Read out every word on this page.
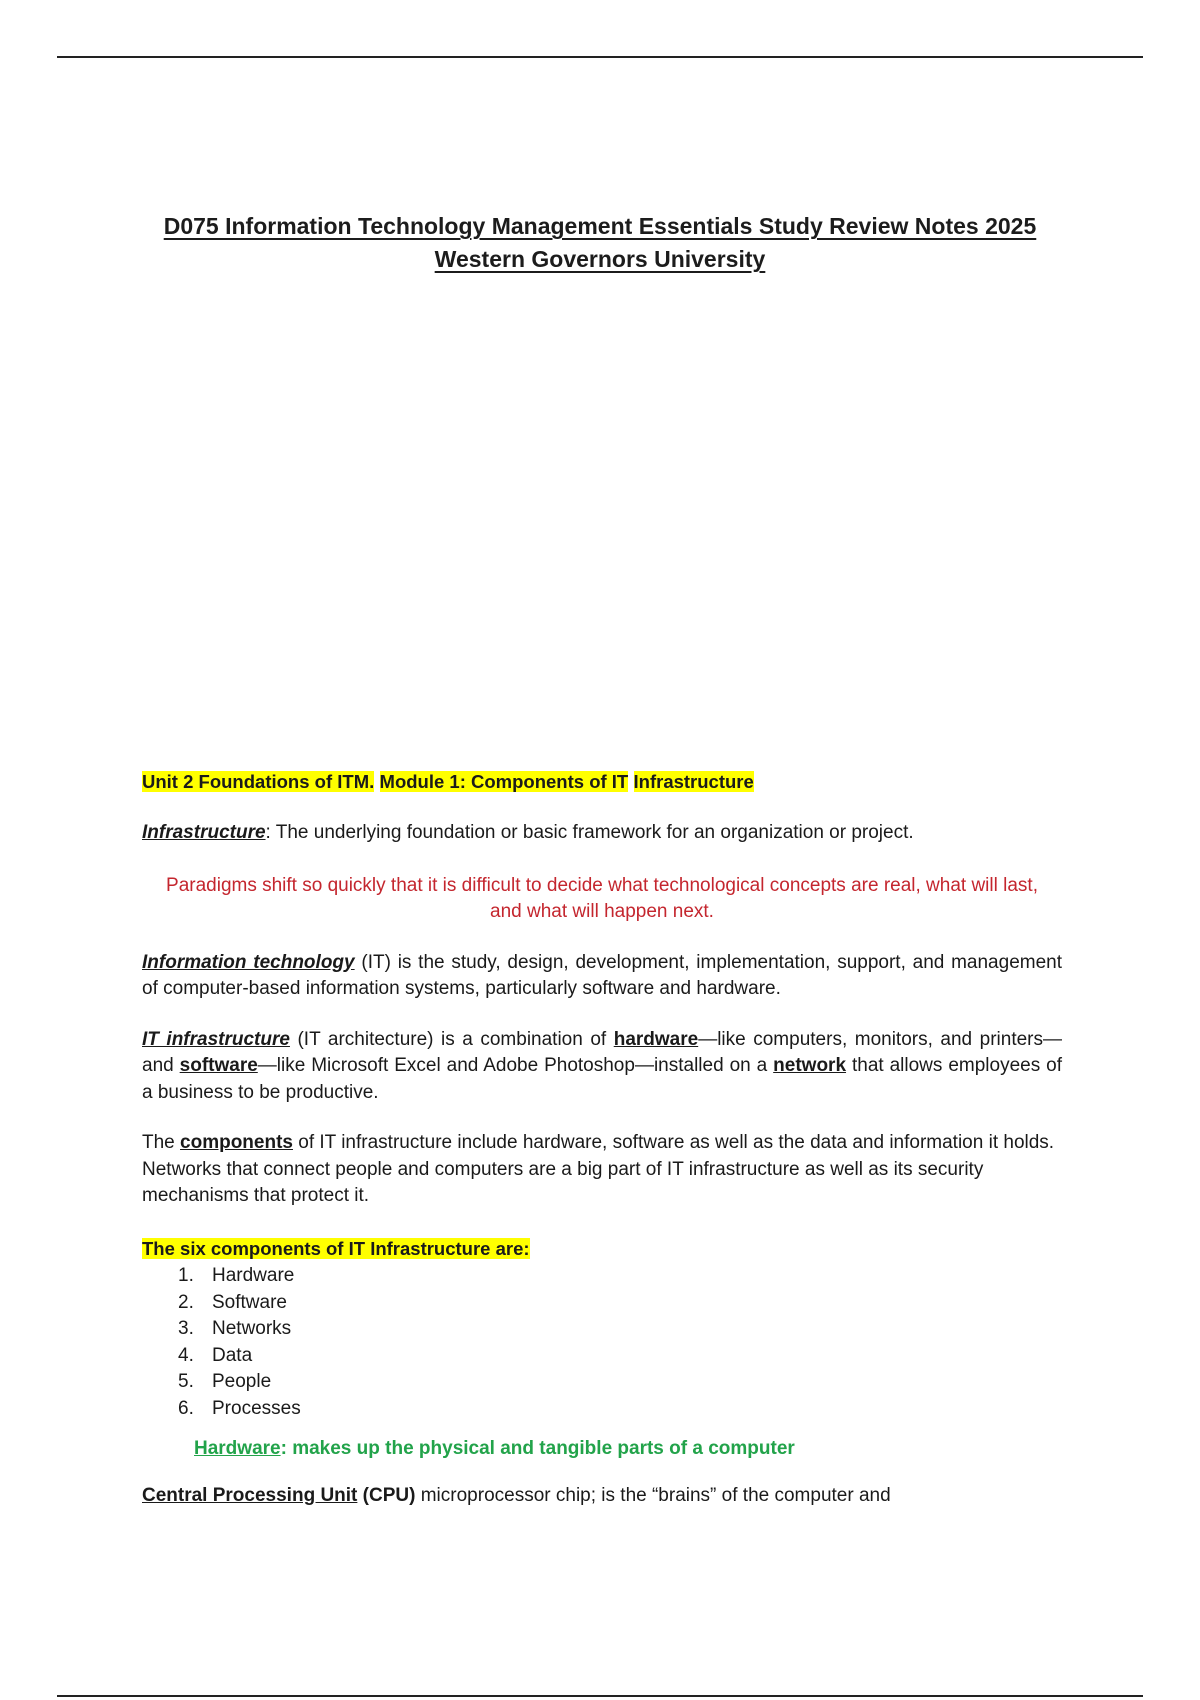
D075 Information Technology Management Essentials Study Review Notes 2025
Western Governors University

Unit 2 Foundations of ITM. Module 1: Components of IT Infrastructure

Infrastructure: The underlying foundation or basic framework for an organization or project.

Paradigms shift so quickly that it is difficult to decide what technological concepts are real, what will last, and what will happen next.

Information technology (IT) is the study, design, development, implementation, support, and management of computer-based information systems, particularly software and hardware.

IT infrastructure (IT architecture) is a combination of hardware—like computers, monitors, and printers—and software—like Microsoft Excel and Adobe Photoshop—installed on a network that allows employees of a business to be productive.

The components of IT infrastructure include hardware, software as well as the data and information it holds. Networks that connect people and computers are a big part of IT infrastructure as well as its security mechanisms that protect it.

The six components of IT Infrastructure are:

1. Hardware
2. Software
3. Networks
4. Data
5. People
6. Processes

Hardware: makes up the physical and tangible parts of a computer

Central Processing Unit (CPU) microprocessor chip; is the “brains” of the computer and
